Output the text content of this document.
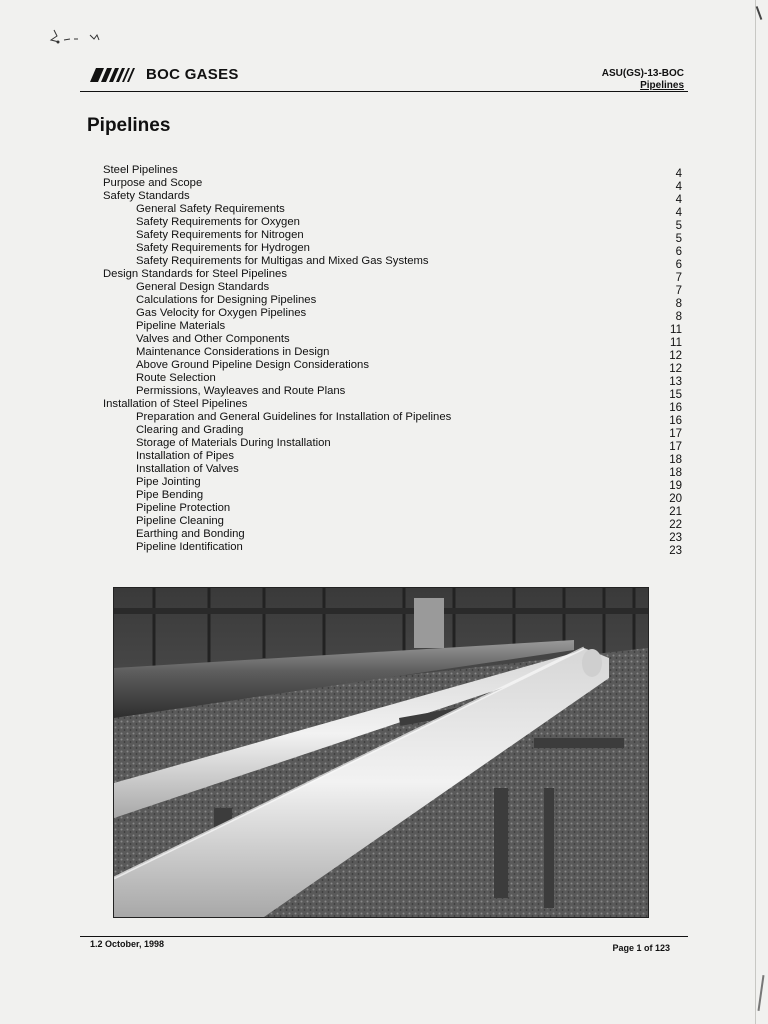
BOC GASES	ASU(GS)-13-BOC
Pipelines
Pipelines
Steel Pipelines	4
Purpose and Scope	4
Safety Standards	4
General Safety Requirements	4
Safety Requirements for Oxygen	5
Safety Requirements for Nitrogen	5
Safety Requirements for Hydrogen	6
Safety Requirements for Multigas and Mixed Gas Systems	6
Design Standards for Steel Pipelines	7
General Design Standards	7
Calculations for Designing Pipelines	8
Gas Velocity for Oxygen Pipelines	8
Pipeline Materials	11
Valves and Other Components	11
Maintenance Considerations in Design	12
Above Ground Pipeline Design Considerations	12
Route Selection	13
Permissions, Wayleaves and Route Plans	15
Installation of Steel Pipelines	16
Preparation and General Guidelines for Installation of Pipelines	16
Clearing and Grading	17
Storage of Materials During Installation	17
Installation of Pipes	18
Installation of Valves	18
Pipe Jointing	19
Pipe Bending	20
Pipeline Protection	21
Pipeline Cleaning	22
Earthing and Bonding	23
Pipeline Identification	23
1.2 October, 1998	Page 1 of 123
